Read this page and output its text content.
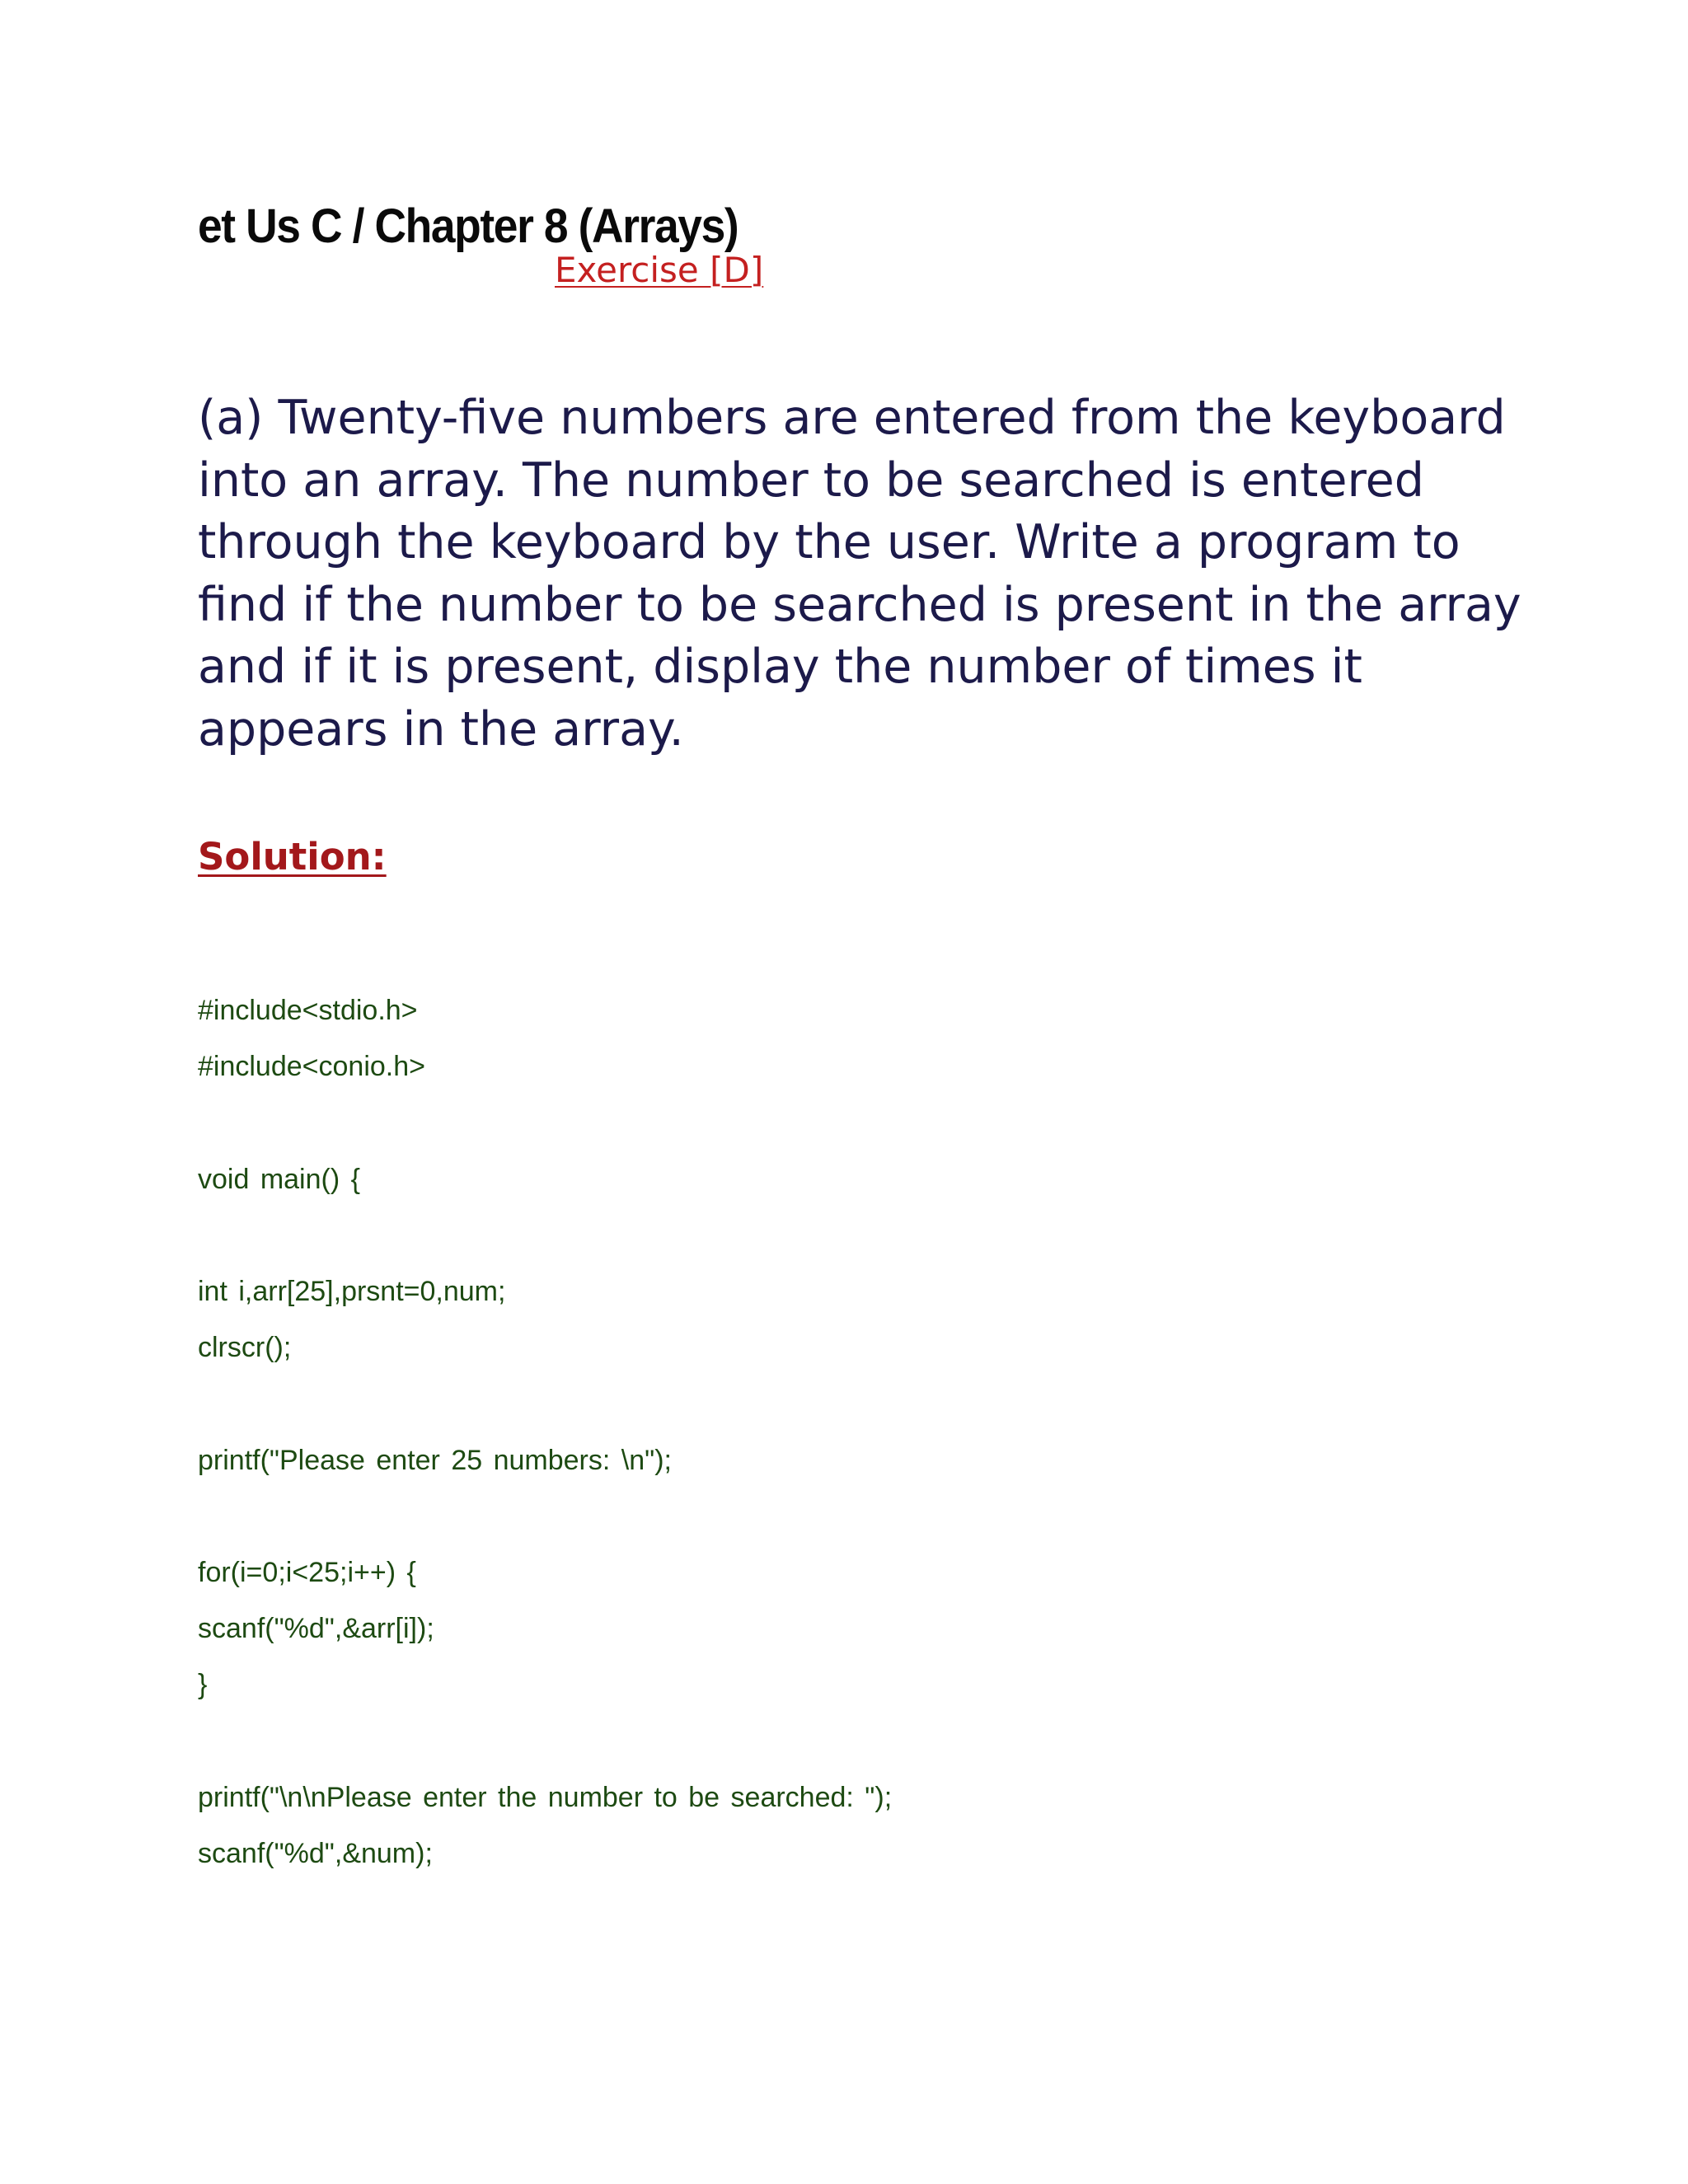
et Us C / Chapter 8 (Arrays)
Exercise [D]

(a) Twenty-five numbers are entered from the keyboard into an array. The number to be searched is entered through the keyboard by the user. Write a program to find if the number to be searched is present in the array and if it is present, display the number of times it appears in the array.

Solution:
#include<stdio.h>
#include<conio.h>
void main() {
int i,arr[25],prsnt=0,num;
clrscr();
printf("Please enter 25 numbers: \n");
for(i=0;i<25;i++) {
scanf("%d",&arr[i]);
}
printf("\n\nPlease enter the number to be searched: ");
scanf("%d",&num);
